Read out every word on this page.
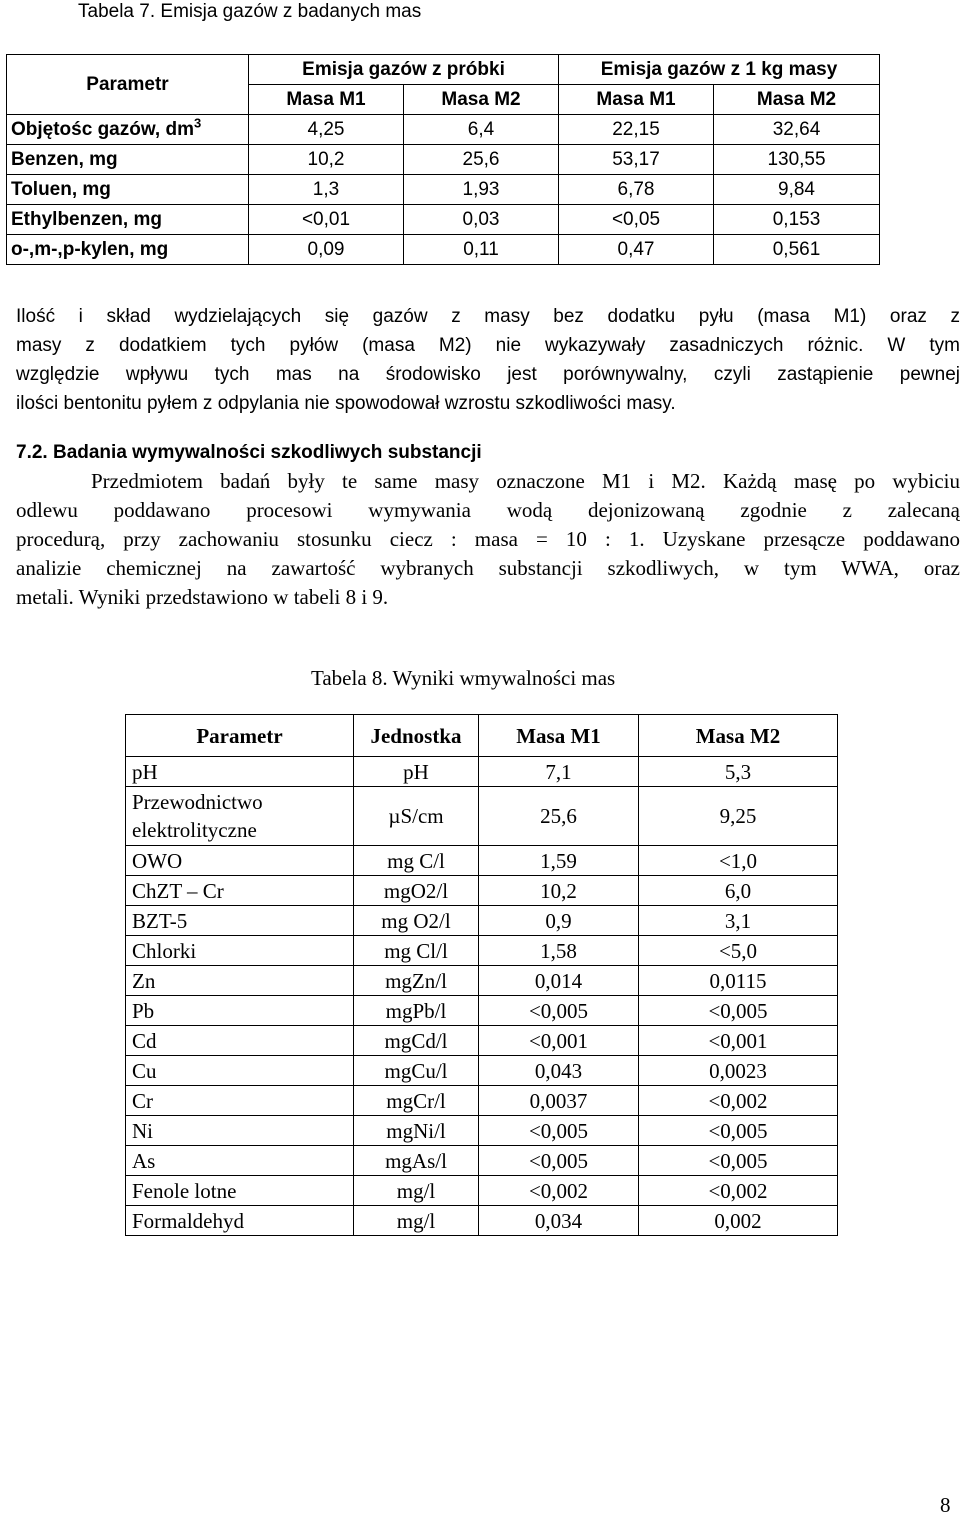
Tabela 7. Emisja gazów z badanych mas
Parametr	Emisja gazów z próbki		Emisja gazów z 1 kg masy	
	Masa M1	Masa M2	Masa M1	Masa M2
Objętośc gazów, $dm^3$	4,25	6,4	22,15	32,64
Benzen, mg	10,2	25,6	53,17	130,55
Toluen, mg	1,3	1,93	6,78	9,84
Ethylbenzen, mg	<0,01	0,03	<0,05	0,153
o-,m-,p-kylen, mg	0,09	0,11	0,47	0,561
Ilość i skład wydzielających się gazów z masy bez dodatku pyłu (masa M1) oraz z
masy z dodatkiem tych pyłów (masa M2) nie wykazywały zasadniczych różnic. W tym
względzie wpływu tych mas na środowisko jest porównywalny, czyli zastąpienie pewnej
ilości bentonitu pyłem z odpylania nie spowodował wzrostu szkodliwości masy.
7.2. Badania wymywalności szkodliwych substancji
Przedmiotem badań były te same masy oznaczone M1 i M2. Każdą masę po wybiciu
odlewu poddawano procesowi wymywania wodą dejonizowaną zgodnie z zalecaną
procedurą, przy zachowaniu stosunku ciecz : masa = 10 : 1. Uzyskane przesącze poddawano
analizie chemicznej na zawartość wybranych substancji szkodliwych, w tym WWA, oraz
metali. Wyniki przedstawiono w tabeli 8 i 9.
Tabela 8. Wyniki wmywalności mas
Parametr	Jednostka	Masa M1	Masa M2
pH	pH	7,1	5,3
Przewodnictwo elektrolityczne	µS/cm	25,6	9,25
OWO	mg C/l	1,59	<1,0
ChZT – Cr	mgO2/l	10,2	6,0
BZT-5	mg O2/l	0,9	3,1
Chlorki	mg Cl/l	1,58	<5,0
Zn	mgZn/l	0,014	0,0115
Pb	mgPb/l	<0,005	<0,005
Cd	mgCd/l	<0,001	<0,001
Cu	mgCu/l	0,043	0,0023
Cr	mgCr/l	0,0037	<0,002
Ni	mgNi/l	<0,005	<0,005
As	mgAs/l	<0,005	<0,005
Fenole lotne	mg/l	<0,002	<0,002
Formaldehyd	mg/l	0,034	0,002
8
